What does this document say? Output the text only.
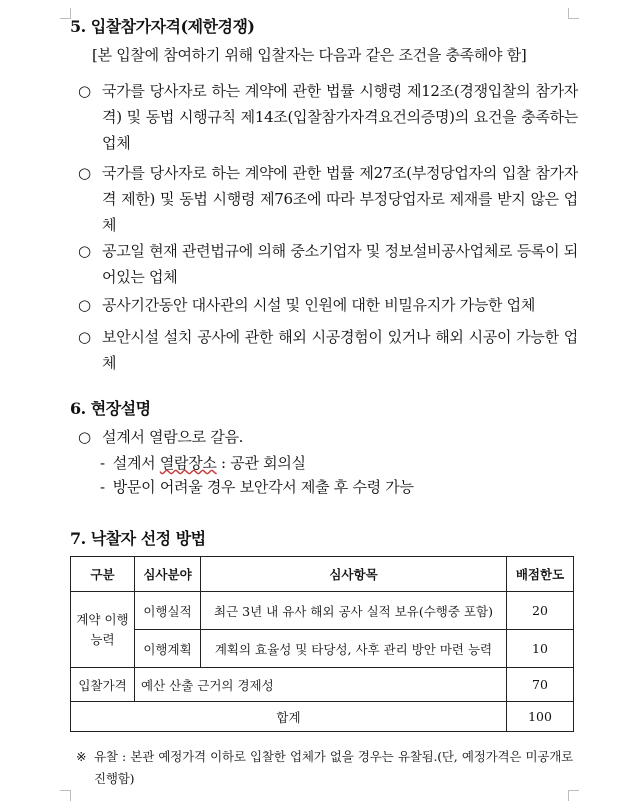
5. 입찰참가자격(제한경쟁)
[본 입찰에 참여하기 위해 입찰자는 다음과 같은 조건을 충족해야 함]
○ 국가를 당사자로 하는 계약에 관한 법률 시행령 제12조(경쟁입찰의 참가자격) 및 동법 시행규칙 제14조(입찰참가자격요건의증명)의 요건을 충족하는 업체
○ 국가를 당사자로 하는 계약에 관한 법률 제27조(부정당업자의 입찰 참가자격 제한) 및 동법 시행령 제76조에 따라 부정당업자로 제재를 받지 않은 업체
○ 공고일 현재 관련법규에 의해 중소기업자 및 정보설비공사업체로 등록이 되어있는 업체
○ 공사기간동안 대사관의 시설 및 인원에 대한 비밀유지가 가능한 업체
○ 보안시설 설치 공사에 관한 해외 시공경험이 있거나 해외 시공이 가능한 업체
6. 현장설명
○ 설계서 열람으로 갈음.
- 설계서 열람장소 : 공관 회의실
- 방문이 어려울 경우 보안각서 제출 후 수령 가능
7. 낙찰자 선정 방법
구분	심사분야	심사항목	배점한도
계약 이행능력	이행실적	최근 3년 내 유사 해외 공사 실적 보유(수행중 포함)	20
	이행계획	계획의 효율성 및 타당성, 사후 관리 방안 마련 능력	10
입찰가격	예산 산출 근거의 경제성		70
합계			100
※ 유찰 : 본관 예정가격 이하로 입찰한 업체가 없을 경우는 유찰됨.(단, 예정가격은 미공개로 진행함)
